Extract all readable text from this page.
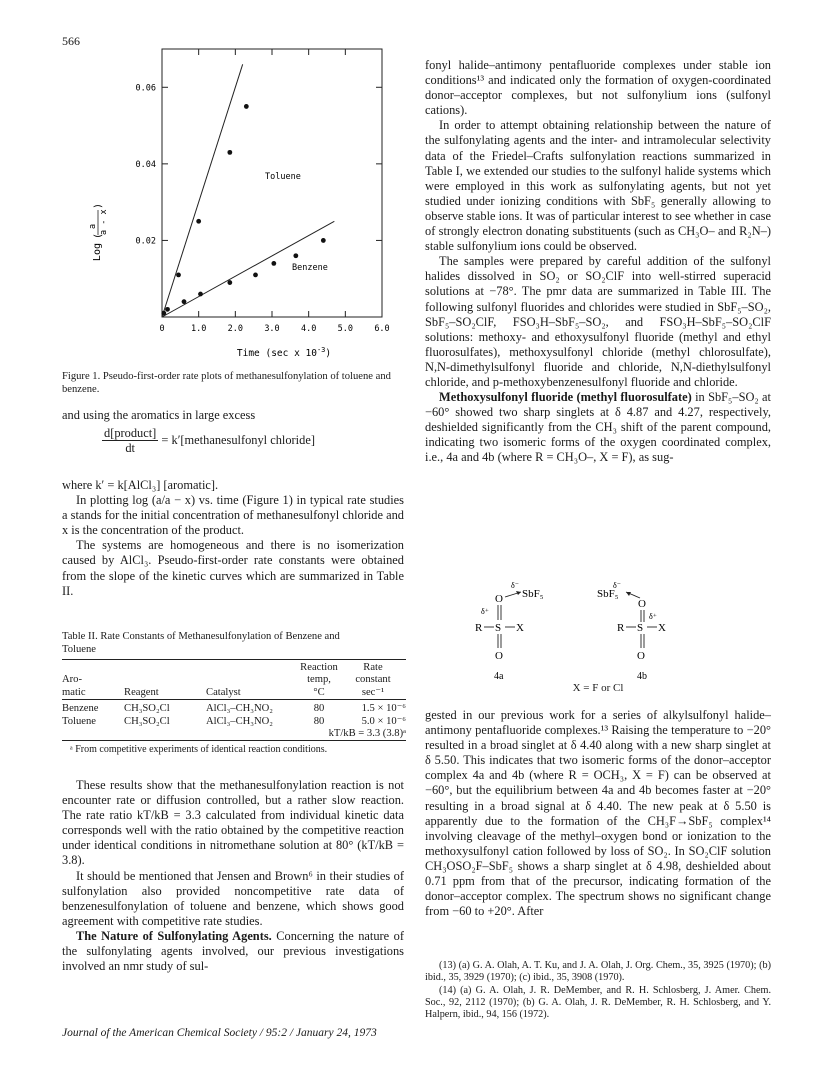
566
0	1.0	2.0	3.0	4.0	5.0	6.0
0.02
0.04
0.06
Toluene
Benzene
Log
a a - x
(
)
Time (sec x $10^{-3}$)
Figure 1. Pseudo-first-order rate plots of methanesulfonylation of toluene and benzene.

and using the aromatics in large excess

$\frac{\text{d[product]}}{dt}$ = k′[methanesulfonyl chloride]

where k′ = k[AlCl₃] [aromatic].

In plotting log (a/a − x) vs. time (Figure 1) in typical rate studies a stands for the initial concentration of methanesulfonyl chloride and x is the concentration of the product.

The systems are homogeneous and there is no isomerization caused by AlCl₃. Pseudo-first-order rate constants were obtained from the slope of the kinetic curves which are summarized in Table II.

Table II. Rate Constants of Methanesulfonylation of Benzene and Toluene

			Reaction	Rate
Aro-			temp,	constant
matic	Reagent	Catalyst	°C	sec⁻¹

Benzene	CH₃SO₂Cl	AlCl₃–CH₃NO₂	80	1.5 × 10⁻⁶
Toluene	CH₃SO₂Cl	AlCl₃–CH₃NO₂	80	5.0 × 10⁻⁶
kT/kB = 3.3 (3.8)ᵃ				

ᵃ From competitive experiments of identical reaction conditions.				

These results show that the methanesulfonylation reaction is not encounter rate or diffusion controlled, but a rather slow reaction. The rate ratio kT/kB = 3.3 calculated from individual kinetic data corresponds well with the ratio obtained by the competitive reaction under identical conditions in nitromethane solution at 80° (kT/kB = 3.8).

It should be mentioned that Jensen and Brown⁶ in their studies of sulfonylation also provided noncompetitive rate data of benzenesulfonylation of toluene and benzene, which shows good agreement with competitive rate studies.

The Nature of Sulfonylating Agents. Concerning the nature of the sulfonylating agents involved, our previous investigations involved an nmr study of sul-

fonyl halide–antimony pentafluoride complexes under stable ion conditions¹³ and indicated only the formation of oxygen-coordinated donor–acceptor complexes, but not sulfonylium ions (sulfonyl cations).

In order to attempt obtaining relationship between the nature of the sulfonylating agents and the inter- and intramolecular selectivity data of the Friedel–Crafts sulfonylation reactions summarized in Table I, we extended our studies to the sulfonyl halide systems which were employed in this work as sulfonylating agents, but not yet studied under ionizing conditions with SbF₅ generally allowing to observe stable ions. It was of particular interest to see whether in case of strongly electron donating substituents (such as CH₃O– and R₂N–) stable sulfonylium ions could be observed.

The samples were prepared by careful addition of the sulfonyl halides dissolved in SO₂ or SO₂ClF into well-stirred superacid solutions at −78°. The pmr data are summarized in Table III. The following sulfonyl fluorides and chlorides were studied in SbF₅–SO₂, SbF₅–SO₂ClF, FSO₃H–SbF₅–SO₂, and FSO₃H–SbF₅–SO₂ClF solutions: methoxy- and ethoxysulfonyl fluoride (methyl and ethyl fluorosulfates), methoxysulfonyl chloride (methyl chlorosulfate), N,N-dimethylsulfonyl fluoride and chloride, N,N-diethylsulfonyl chloride, and p-methoxybenzenesulfonyl fluoride and chloride.

Methoxysulfonyl fluoride (methyl fluorosulfate) in SbF₅–SO₂ at −60° showed two sharp singlets at δ 4.87 and 4.27, respectively, deshielded significantly from the CH₃ shift of the parent compound, indicating two isomeric forms of the oxygen coordinated complex, i.e., 4a and 4b (where R = CH₃O–, X = F), as sug-

δ⁻
O SbF₅
δ⁺
R S X
O
4a
δ⁻
SbF₅
O
δ⁺
R S X
O
4b
X = F or Cl

gested in our previous work for a series of alkylsulfonyl halide–antimony pentafluoride complexes.¹³ Raising the temperature to −20° resulted in a broad singlet at δ 4.40 along with a new sharp singlet at δ 5.50. This indicates that two isomeric forms of the donor–acceptor complex 4a and 4b (where R = OCH₃, X = F) can be observed at −60°, but the equilibrium between 4a and 4b becomes faster at −20° resulting in a broad signal at δ 4.40. The new peak at δ 5.50 is apparently due to the formation of the CH₃F→SbF₅ complex¹⁴ involving cleavage of the methyl–oxygen bond or ionization to the methoxysulfonyl cation followed by loss of SO₂. In SO₂ClF solution CH₃OSO₂F–SbF₅ shows a sharp singlet at δ 4.98, deshielded about 0.71 ppm from that of the precursor, indicating formation of the donor–acceptor complex. The spectrum shows no significant change from −60 to +20°. After

(13) (a) G. A. Olah, A. T. Ku, and J. A. Olah, J. Org. Chem., 35, 3925 (1970); (b) ibid., 35, 3929 (1970); (c) ibid., 35, 3908 (1970).

(14) (a) G. A. Olah, J. R. DeMember, and R. H. Schlosberg, J. Amer. Chem. Soc., 92, 2112 (1970); (b) G. A. Olah, J. R. DeMember, R. H. Schlosberg, and Y. Halpern, ibid., 94, 156 (1972).

Journal of the American Chemical Society / 95:2 / January 24, 1973
